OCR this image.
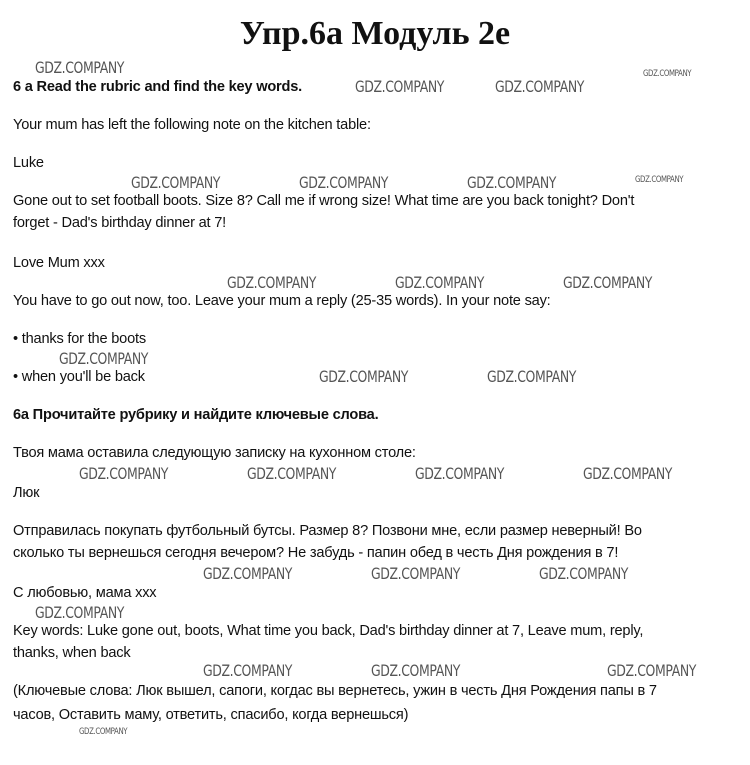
Упр.6а Модуль 2е
6 a Read the rubric and find the key words.
Your mum has left the following note on the kitchen table:
Luke
Gone out to set football boots. Size 8? Call me if wrong size! What time are you back tonight? Don't
forget - Dad's birthday dinner at 7!
Love Mum xxx
You have to go out now, too. Leave your mum a reply (25-35 words). In your note say:
• thanks for the boots
• when you'll be back
6a Прочитайте рубрику и найдите ключевые слова.
Твоя мама оставила следующую записку на кухонном столе:
Люк
Отправилась покупать футбольный бутсы. Размер 8? Позвони мне, если размер неверный! Во
сколько ты вернешься сегодня вечером? Не забудь - папин обед в честь Дня рождения в 7!
С любовью, мама xxx
Key words: Luke gone out, boots, What time you back, Dad's birthday dinner at 7, Leave mum, reply,
thanks, when back
(Ключевые слова: Люк вышел, сапоги, когдас вы вернетесь, ужин в честь Дня Рождения папы в 7
часов, Оставить маму, ответить, спасибо, когда вернешься)
GDZ.COMPANY
GDZ.COMPANY	GDZ.COMPANY
GDZ.COMPANY
GDZ.COMPANY	GDZ.COMPANY	GDZ.COMPANY	GDZ.COMPANY
GDZ.COMPANY	GDZ.COMPANY	GDZ.COMPANY
GDZ.COMPANY
GDZ.COMPANY	GDZ.COMPANY
GDZ.COMPANY	GDZ.COMPANY	GDZ.COMPANY	GDZ.COMPANY
GDZ.COMPANY	GDZ.COMPANY	GDZ.COMPANY
GDZ.COMPANY
GDZ.COMPANY	GDZ.COMPANY	GDZ.COMPANY
GDZ.COMPANY
